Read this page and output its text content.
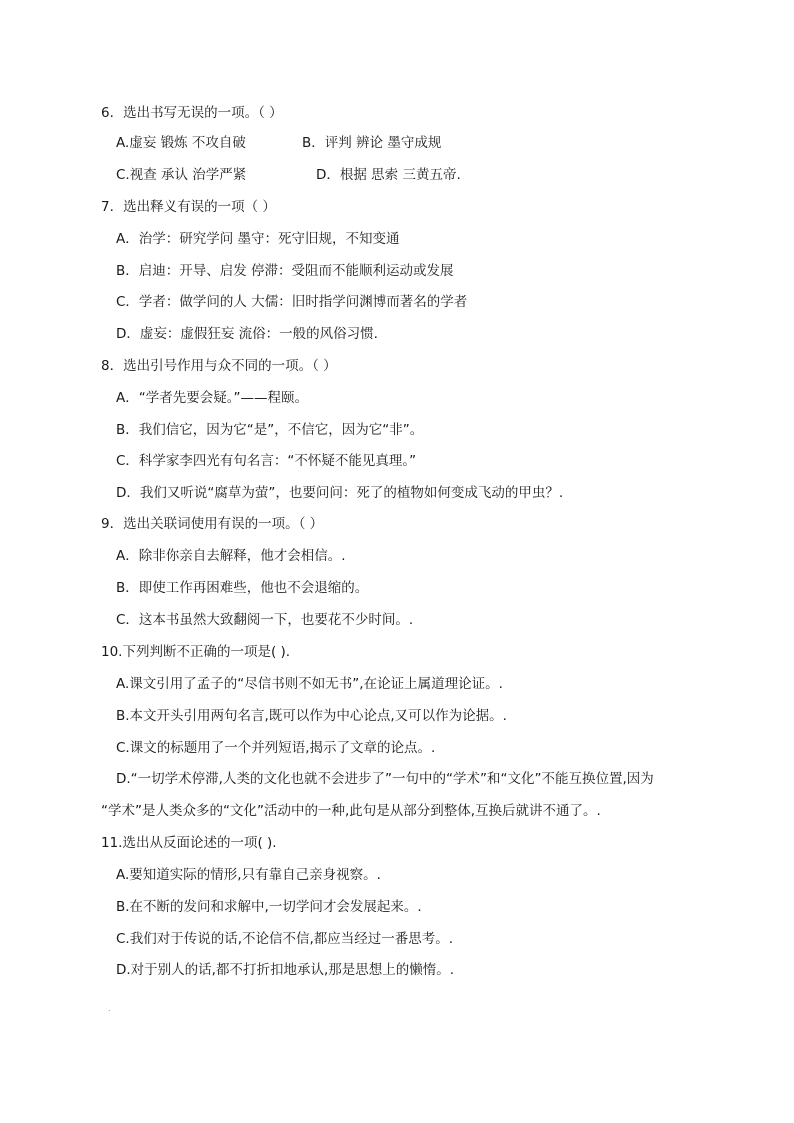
6．选出书写无误的一项。（ ）
A.虚妄 锻炼 不攻自破	B．评判 辨论 墨守成规
C.视查 承认 治学严紧	D．根据 思索 三黄五帝.
7．选出释义有误的一项（ ）
A．治学：研究学问 墨守：死守旧规，不知变通
B．启迪：开导、启发 停滞：受阻而不能顺利运动或发展
C．学者：做学问的人 大儒：旧时指学问渊博而著名的学者
D．虚妄：虚假狂妄 流俗：一般的风俗习惯.
8．选出引号作用与众不同的一项。（ ）
A．“学者先要会疑。”——程颐。
B．我们信它，因为它“是”，不信它，因为它“非”。
C．科学家李四光有句名言：“不怀疑不能见真理。”
D．我们又听说“腐草为萤”，也要问问：死了的植物如何变成飞动的甲虫？.
9．选出关联词使用有误的一项。（ ）
A．除非你亲自去解释，他才会相信。.
B．即使工作再困难些，他也不会退缩的。
C．这本书虽然大致翻阅一下，也要花不少时间。.
10.下列判断不正确的一项是( ).
A.课文引用了孟子的“尽信书则不如无书”,在论证上属道理论证。.
B.本文开头引用两句名言,既可以作为中心论点,又可以作为论据。.
C.课文的标题用了一个并列短语,揭示了文章的论点。.
D.“一切学术停滞,人类的文化也就不会进步了”一句中的“学术”和“文化”不能互换位置,因为
“学术”是人类众多的“文化”活动中的一种,此句是从部分到整体,互换后就讲不通了。.
11.选出从反面论述的一项( ).
A.要知道实际的情形,只有靠自己亲身视察。.
B.在不断的发问和求解中,一切学问才会发展起来。.
C.我们对于传说的话,不论信不信,都应当经过一番思考。.
D.对于别人的话,都不打折扣地承认,那是思想上的懒惰。.
.
